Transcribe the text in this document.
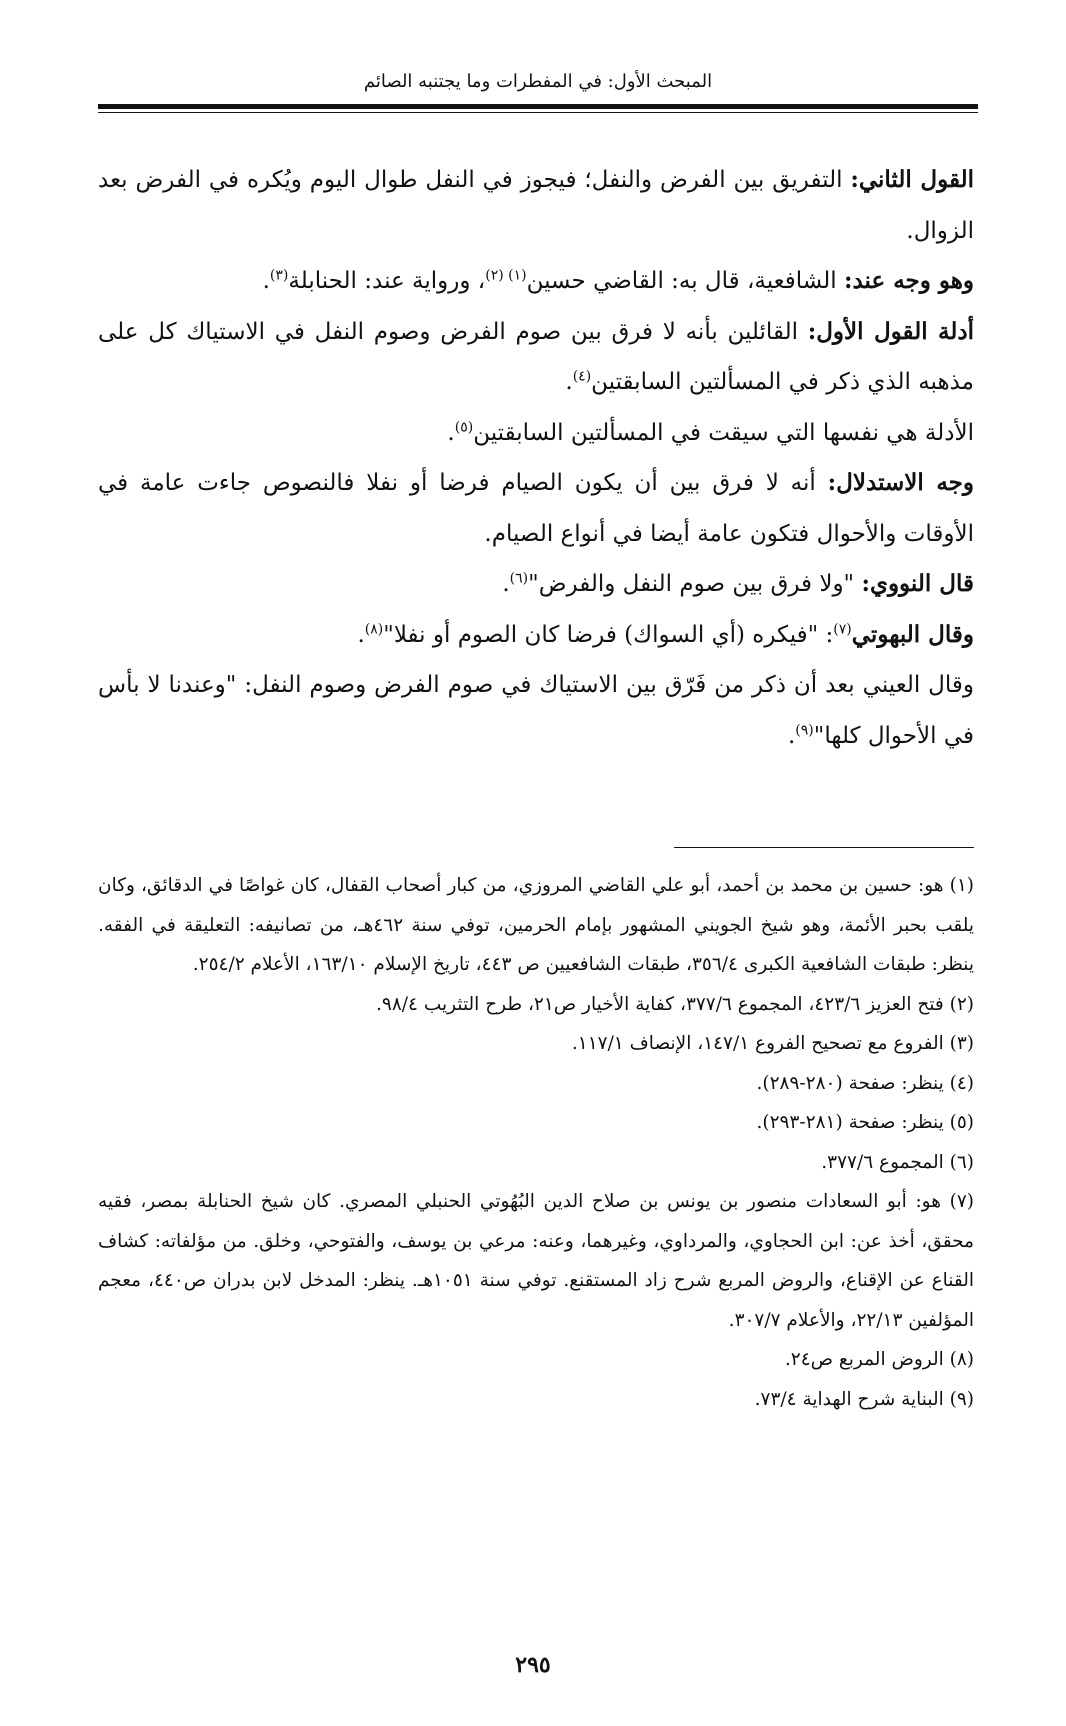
المبحث الأول: في المفطرات وما يجتنبه الصائم

القول الثاني: التفريق بين الفرض والنفل؛ فيجوز في النفل طوال اليوم ويُكره في الفرض بعد الزوال.

وهو وجه عند: الشافعية، قال به: القاضي حسين$^{(١) (٢)}$، ورواية عند: الحنابلة$^{(٣)}$.

أدلة القول الأول: القائلين بأنه لا فرق بين صوم الفرض وصوم النفل في الاستياك كل على مذهبه الذي ذكر في المسألتين السابقتين$^{(٤)}$.

الأدلة هي نفسها التي سيقت في المسألتين السابقتين$^{(٥)}$.

وجه الاستدلال: أنه لا فرق بين أن يكون الصيام فرضا أو نفلا فالنصوص جاءت عامة في الأوقات والأحوال فتكون عامة أيضا في أنواع الصيام.

قال النووي: "ولا فرق بين صوم النفل والفرض"$^{(٦)}$.

وقال البهوتي$^{(٧)}$: "فيكره (أي السواك) فرضا كان الصوم أو نفلا"$^{(٨)}$.

وقال العيني بعد أن ذكر من فَرّق بين الاستياك في صوم الفرض وصوم النفل: "وعندنا لا بأس في الأحوال كلها"$^{(٩)}$.

(١) هو: حسين بن محمد بن أحمد، أبو علي القاضي المروزي، من كبار أصحاب القفال، كان غواصًا في الدقائق، وكان يلقب بحبر الأئمة، وهو شيخ الجويني المشهور بإمام الحرمين، توفي سنة ٤٦٢هـ، من تصانيفه: التعليقة في الفقه. ينظر: طبقات الشافعية الكبرى ٣٥٦/٤، طبقات الشافعيين ص ٤٤٣، تاريخ الإسلام ١٦٣/١٠، الأعلام ٢٥٤/٢.

(٢) فتح العزيز ٤٢٣/٦، المجموع ٣٧٧/٦، كفاية الأخيار ص٢١، طرح التثريب ٩٨/٤.

(٣) الفروع مع تصحيح الفروع ١٤٧/١، الإنصاف ١١٧/١.

(٤) ينظر: صفحة (٢٨٠-٢٨٩).

(٥) ينظر: صفحة (٢٨١-٢٩٣).

(٦) المجموع ٣٧٧/٦.

(٧) هو: أبو السعادات منصور بن يونس بن صلاح الدين البُهُوتي الحنبلي المصري. كان شيخ الحنابلة بمصر، فقيه محقق، أخذ عن: ابن الحجاوي، والمرداوي، وغيرهما، وعنه: مرعي بن يوسف، والفتوحي، وخلق. من مؤلفاته: كشاف القناع عن الإقناع، والروض المربع شرح زاد المستقنع. توفي سنة ١٠٥١هـ. ينظر: المدخل لابن بدران ص٤٤٠، معجم المؤلفين ٢٢/١٣، والأعلام ٣٠٧/٧.

(٨) الروض المربع ص٢٤.

(٩) البناية شرح الهداية ٧٣/٤.

٢٩٥
